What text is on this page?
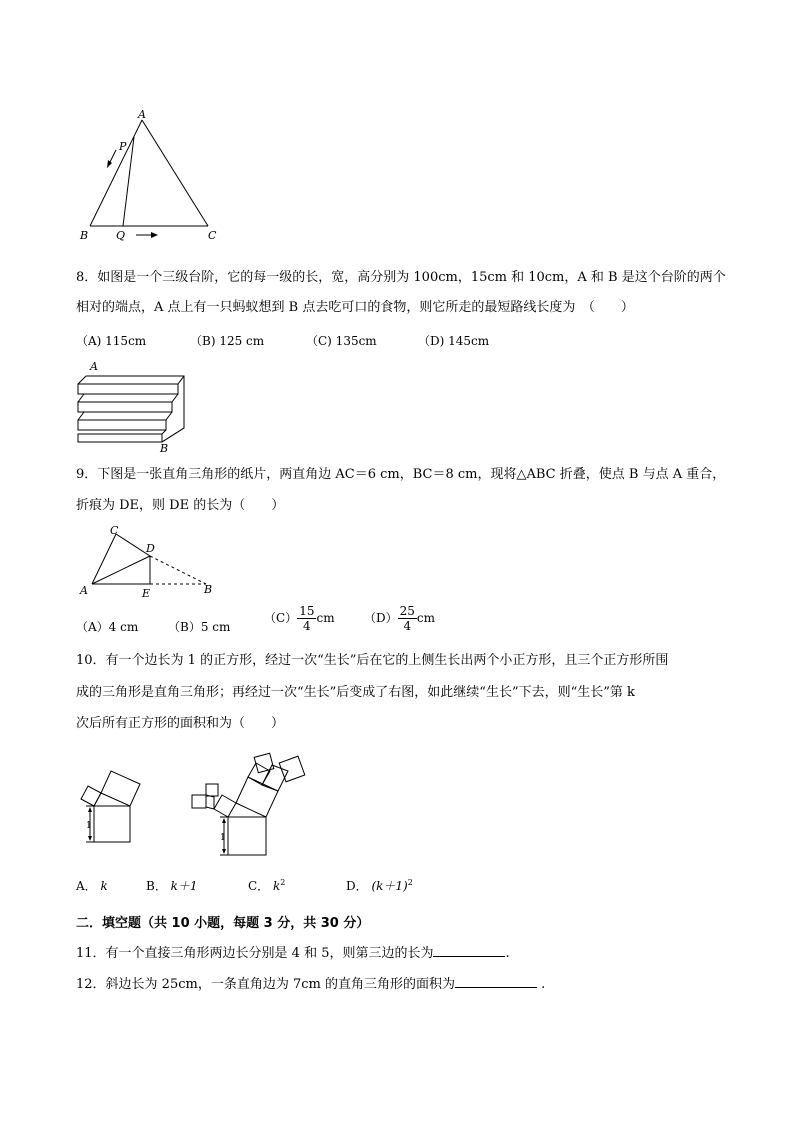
A
P
B	Q	C
8．如图是一个三级台阶，它的每一级的长，宽，高分别为 100cm，15cm 和 10cm，A 和 B 是这个台阶的两个
相对的端点，A 点上有一只蚂蚁想到 B 点去吃可口的食物，则它所走的最短路线长度为　（　　）
（A) 115cm	（B) 125 cm	（C) 135cm	（D) 145cm
A
B
9．下图是一张直角三角形的纸片，两直角边 AC＝6 cm，BC＝8 cm，现将△ABC 折叠，使点 B 与点 A 重合，
折痕为 DE，则 DE 的长为（　　）
C
D
A	E	B
（A）4 cm （B）5 cm
$(C) \frac{15}{4}$ cm $(D) \frac{25}{4}$ cm
10．有一个边长为 1 的正方形，经过一次“生长”后在它的上侧生长出两个小正方形，且三个正方形所围
成的三角形是直角三角形；再经过一次“生长”后变成了右图，如此继续“生长”下去，则“生长”第 k
次后所有正方形的面积和为（　　）
1
1
A． k	B． k＋1	C． $k^2$	D． $(k+1)^2$
二．填空题（共 10 小题，每题 3 分，共 30 分）
11．有一个直接三角形两边长分别是 4 和 5，则第三边的长为	.
12．斜边长为 25cm，一条直角边为 7cm 的直角三角形的面积为	.
